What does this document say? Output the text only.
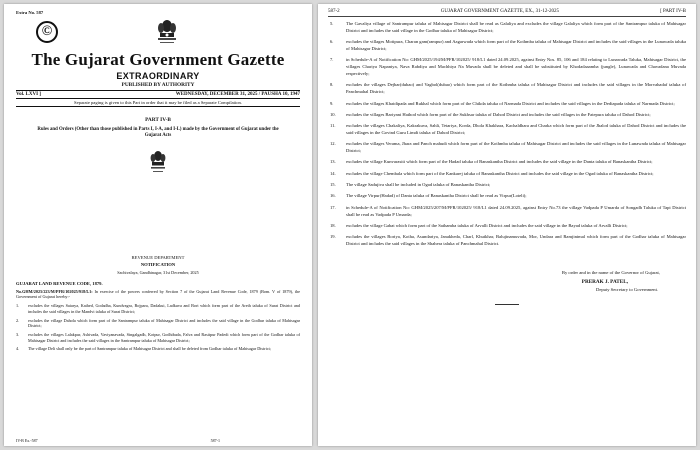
Extra No. 587
©
The Gujarat Government Gazette
EXTRAORDINARY
PUBLISHED BY AUTHORITY
Vol. LXVI ]	WEDNESDAY, DECEMBER 31, 2025 / PAUSHA 10, 1947
Separate paging is given to this Part in order that it may be filed as a Separate Compilation.
PART IV-B
Rules and Orders (Other than those published in Parts I, I-A, and I-L) made by the Government of Gujarat under the Gujarat Acts
REVENUE DEPARTMENT
NOTIFICATION
Sachivalaya, Gandhinagar, 31st December, 2025
GUJARAT LAND REVENUE CODE, 1879.
No.GHM/2025/223/M/PFR/102025/918/L1: In exercise of the powers conferred by Section 7 of the Gujarat Land Revenue Code, 1879 (Bom. V of 1879), the Government of Gujarat hereby:-
1.	excludes the villages Saiarya, Kathed, Godadha, Kundvagra, Bojpara, Dadakui, Ladkuva and Bori which form part of the Areth taluka of Surat District and includes the said villages in the Mandvi taluka of Surat District;
2.	excludes the village Dahola which form part of the Santrampur taluka of Mahisagar District and includes the said village in the Godhar taluka of Mahisagar District;
3.	excludes the villages Lalakpur, Ashivada, Vaviyanavada, Singalgadh, Kotpur, Godhibada, Falva and Rasitpur Padedi which form part of the Godhar taluka of Mahisagar District and includes the said villages in the Santrampur taluka of Mahisagar District;
4.	The village Deli shall only be the part of Santrampur taluka of Mahisagar District and shall be deleted from Godhar taluka of Mahisagar District;
IV-B Ex.-587	587-1
587-2	GUJARAT GOVERNMENT GAZETTE, EX., 31-12-2025	[ PART IV-B
5.	The Gavaliya village of Santrampur taluka of Mahisagar District shall be read as Galaliya and excludes the village Galaliya which form part of the Santrampur taluka of Mahisagar District and includes the said village in the Godhar taluka of Mahisagar District;
6.	excludes the villages Motipura, Charan gam(rampur) and Aagarwada which form part of the Kothmba taluka of Mahisagar District and includes the said villages in the Lunawada taluka of Mahisagar District;
7.	in Schedule-A of Notification No: GHM/2025/194/M/PFR/102025/ 918/L1 dated 24.09.2025, against Entry Nos. 85, 106 and 184 relating to Lunawada Taluka, Mahisagar District, the villages Chariya Napaniya, Nava Rabdiya and Machhiya Na Muvada shall be deleted and shall be substituted by Khodadaaamba (jungle), Lunawada and Chavadana Muvada respectively;
8.	excludes the villages Dejbar(dubao) and Vagbol(dubao) which form part of the Kothmba taluka of Mahisagar District and includes the said villages in the Morvahadaf taluka of Panchmahal District;
9.	excludes the villages Khaidipada and Rukhal which form part of the Chikda taluka of Narmada District and includes the said villages in the Dediapada taluka of Narmada District;
10.	excludes the villages Bariyani Hathod which form part of the Sukhsar taluka of Dahod District and includes the said villages in the Fatepura taluka of Dahod District;
11.	excludes the villages Chakaliya, Kakrakuva, Sahli, Tetariya, Korda, Dhola Khakhara, Kachaldhara and Charka which form part of the Jhalod taluka of Dahod District and includes the said villages in the Govind Guru Limdi taluka of Dahod District;
12.	excludes the villages Verama, Jhara and Panch mahudi which form part of the Kothmba taluka of Mahisagar District and includes the said villages in the Lunawada taluka of Mahisagar District;
13.	excludes the village Kunvarasiti which form part of the Hadad taluka of Banaskantha District and includes the said village in the Danta taluka of Banaskantha District;
14.	excludes the village Chembala which form part of the Kankarej taluka of Banaskantha District and includes the said village in the Ogad taluka of Banaskantha District;
15.	The village Sadujiva shall be included in Ogad taluka of Banaskantha District;
16.	The village Virpur(Hadad) of Danta taluka of Banaskantha District shall be read as Virpur(Loteli);
17.	in Schedule-A of Notification No: GHM/2025/207/M/PFR/102025/ 918/L1 dated 24.09.2025, against Entry No.73 the village Vadpada P Umarda of Songadh Taluka of Tapi District shall be read as Vadpada P Umarda;
18.	excludes the village Gabat which form part of the Sathamba taluka of Arvalli District and includes the said village in the Bayad taluka of Arvalli District;
19.	excludes the villages Boriya, Kotha, Asundariya, Janakheda, Charl, Khutkhar, Balujinamuvada, Mor, Undara and Ramjinimal which form part of the Godhar taluka of Mahisagar District and includes the said villages in the Shahera taluka of Panchmahal District.
By order and in the name of the Governor of Gujarat,
PRERAK J. PATEL,
Deputy Secretary to Government.
